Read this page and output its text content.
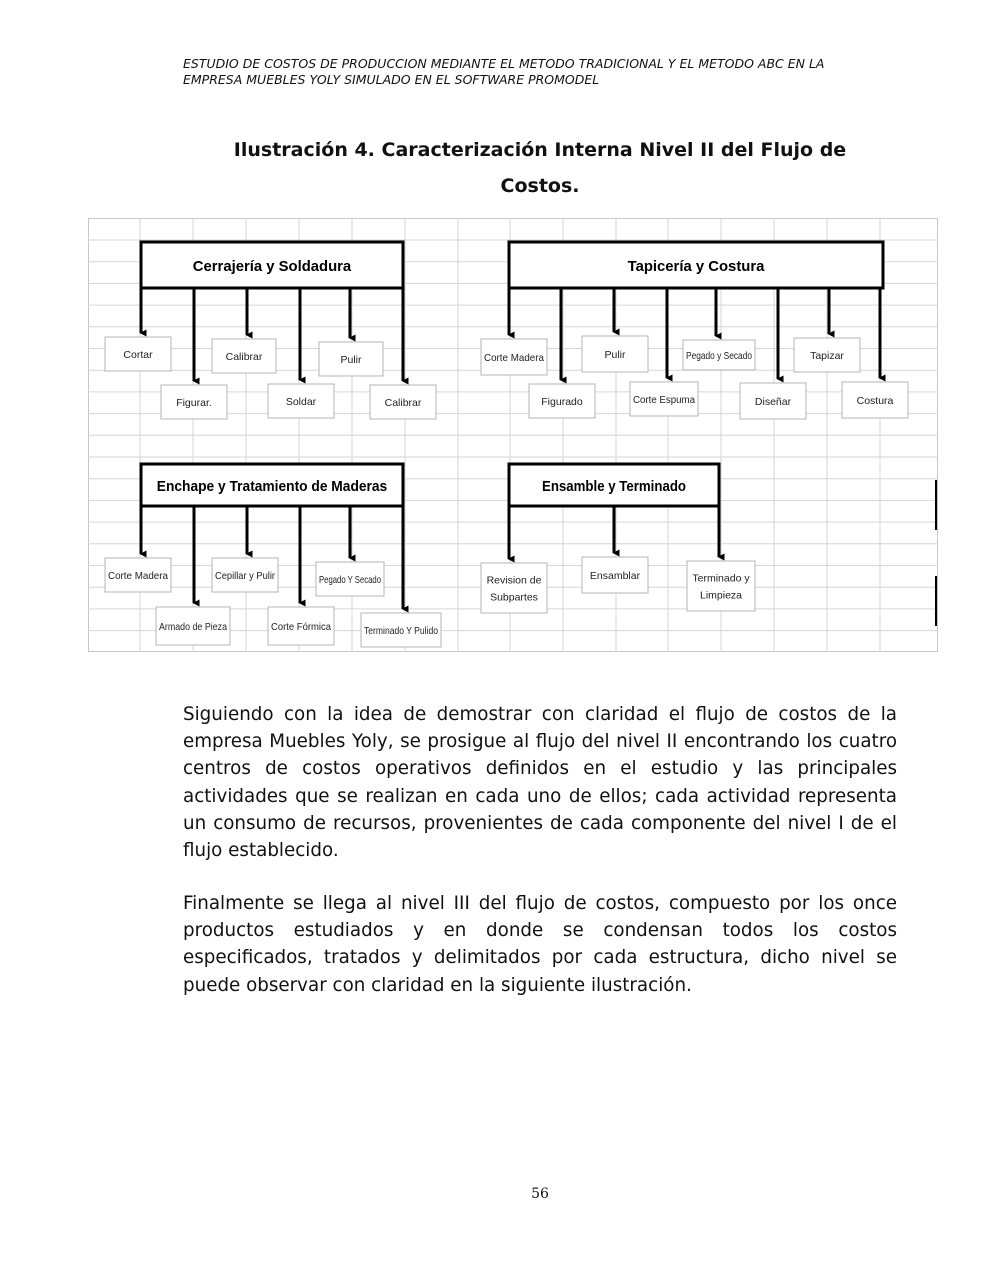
ESTUDIO DE COSTOS DE PRODUCCION MEDIANTE EL METODO TRADICIONAL Y EL METODO ABC EN LA
EMPRESA MUEBLES YOLY SIMULADO EN EL SOFTWARE PROMODEL
Ilustración 4. Caracterización Interna Nivel II del Flujo de
Costos.
Cerrajería y Soldadura
Cortar
Figurar.
Calibrar
Soldar
Pulir
Calibrar
Tapicería y Costura
Corte Madera
Figurado
Pulir
Corte Espuma
Pegado y Secado
Diseñar
Tapizar
Costura
Enchape y Tratamiento de Maderas
Corte Madera
Armado de Pieza
Cepillar y Pulir
Corte Fórmica
Pegado Y Secado
Terminado Y Pulido
Ensamble y Terminado
Revision de
Subpartes
Ensamblar	Terminado y
Limpieza

Siguiendo con la idea de demostrar con claridad el flujo de costos de la empresa Muebles Yoly, se prosigue al flujo del nivel II encontrando los cuatro centros de costos operativos definidos en el estudio y las principales actividades que se realizan en cada uno de ellos; cada actividad representa un consumo de recursos, provenientes de cada componente del nivel I de el flujo establecido.

Finalmente se llega al nivel III del flujo de costos, compuesto por los once productos estudiados y en donde se condensan todos los costos especificados, tratados y delimitados por cada estructura, dicho nivel se puede observar con claridad en la siguiente ilustración.

56
